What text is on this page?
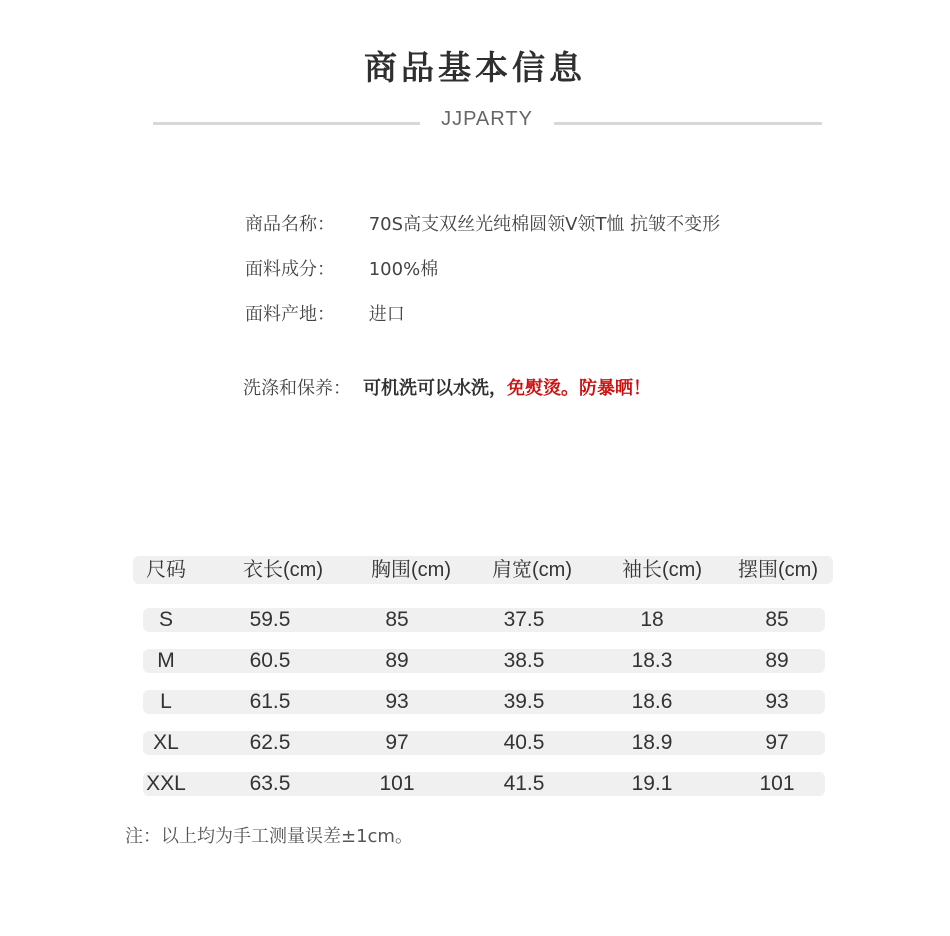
商品基本信息
JJPARTY
商品名称： 70S高支双丝光纯棉圆领V领T恤 抗皱不变形
面料成分： 100%棉
面料产地： 进口
洗涤和保养： 可机洗可以水洗，免熨烫。防暴晒！
尺码	衣长(cm)	胸围(cm)	肩宽(cm)	袖长(cm)	摆围(cm)
S	59.5	85	37.5	18	85
M	60.5	89	38.5	18.3	89
L	61.5	93	39.5	18.6	93
XL	62.5	97	40.5	18.9	97
XXL	63.5	101	41.5	19.1	101
注：以上均为手工测量误差±1cm。
